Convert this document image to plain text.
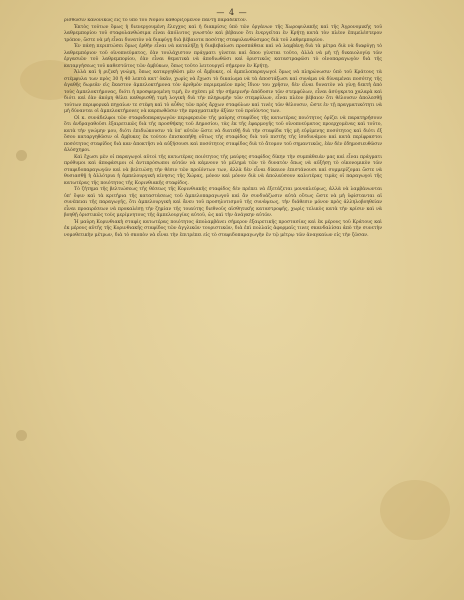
— 4 —

ρισθῶσιν κανονικῶς εἰς τὸ ὑπὸ τοῦ Νόμου καθοριζόμενον πάντῃ παραδεκτόν.

Ἐκτὸς τούτων ὅμως ἡ διενεργουμένη ἔλεγχος καὶ ἡ διακρίσις ὑπὸ τῶν ὀργάνων τῆς Χωροφυλακῆς καὶ τῆς Ἀγρονομικῆς τοῦ λαθρεμπορίου τοῦ σταφυλανθώσιμα εἶναι ἀπόλυτος γνωστὸν καὶ βέβαιον ὅτι ἐνεργεῖται ἐν Κρήτῃ κατὰ τὸν πλέον ἐπιμελέστερον τρόπον, ὥστε νὰ μὴ εἶναι δυνατὸν νὰ διαφύγῃ διὰ βέβαιοτα ποσότης σταφυλανθώσιμος διὰ τοῦ λαθρεμπορίου.

Ἐν πάσῃ περιπτώσει ὅμως ἐρθὴν εἶναι νὰ καταλήξῃ ἡ διαβεβαίωσι προσπάθεια καὶ νὰ λαμβάνῃ διὰ τὰ μέτρα διὰ νὰ διαφύγῃ τὸ λαθρεμπόριον τοῦ οἰνοπνεύματος, ἐὰν τουλάχιστον πράγματι γίνεται καὶ ὅπου γίνεται τοῦτο, ἀλλὰ νὰ μὴ τῇ δικαιολογίᾳ τῶν ἐργασιῶν τοῦ λαθρεμπορίου, ἐὰν εἶναι θεματικὰ νὰ ἀποδιωθῶσι καὶ ὁριστικῶς καταστραφῶσι τὸ οἰνοπαραγωγὸν διὰ τῆς καταργήσεως τοῦ καθεστῶτος τῶν ἀμβύκων, ὅπως τοῦτο λειτουργεῖ σήμερον ἐν Κρήτῃ.

Ἀλλὰ καὶ ἡ ριζικὴ γνώμη, ὅπως καταργηθῶσι μὲν οἱ ἄμβυκες, οἱ ἀμπελοπαραγωγοὶ ὅμως νὰ πληρώνωσιν ὑπὸ τοῦ Κράτους τὰ στέμφυλα των πρὸς 30 ἢ 40 λεπτὰ κατ' ὀκᾶν, χωρὶς νὰ ἔχωσι τὸ δικαίωμα νὰ τὰ ἀποστάξωσι καὶ συνάμα νὰ δύναμέναι ποσότης τῆς ἀγαθῆς δωρεᾶν εἰς ἕκαστον ἀμπελοκτήμονα τὸν ἀριθμὸν περιμεμαῖον πρὸς ἴδιον του χρῆσιν, δὲν εἶναι δυνατὸν νὰ γίνῃ δεκτὴ ἀπὸ τοὺς ἀμπελοκτήμονας, διότι ἡ προσφερομένη τιμὴ, ἐν σχέσει μὲ τὴν σήμερινὴν ἀπόδοσιν τῶν στεμφύλων, εἶναι ἀσύγκριτα χαλαρὰ καὶ διότι καὶ ἐὰν ἀκόμη θέλει καθορισθῇ τιμὴ λογικὴ διὰ τὴν πληρωμὴν τῶν στεμφύλων, εἶναι πλέον βέβαιον ὅτι θέλουσιν ἀπολεσθῇ τούτων περιφορικὰ πηγαίων τε στέφη καὶ τὸ αὖθις τῶν πρὸς ἄρχων σταφύλων καὶ τινὲς τῶν θέλουσιν, ὥστε ἐν τῇ πραγματικότητι νὰ μὴ δύνανται οἱ ἀμπελοκτήμονες νὰ καρπωθῶσιν τὴν πραγματικὴν ἀξίαν τοῦ προϊόντος των.

Οἱ κ. συνάδελφοι τῶν σταφιδοπαραγωγῶν περιφερειῶν τῆς μαύρης σταφίδος τῆς κατωτέρας ποιότητος ὁρίζει νὰ παρατηρήσουν ὅτι ἀνδραγαθοῦσι ἐξαιρετικῶς διὰ τῆς προσθήκης τοῦ Δημοσίου, τὰς ἐκ τῆς ἐφαρμογῆς τοῦ οἰνοπνεύματος προερχομένας καὶ τοῦτο, κατὰ τὴν γνώμην μου, διότι ἐπιδιώκουσιν τὰ ὑπ' αὐτῶν ὥστε νὰ διατεθῇ διὰ τὴν σταφίδα τῆς μὴ εὐρίμενης ποσότητος καὶ διότι ἐξ ὅσου καταργηθῶσιν οἱ ἄμβυκες ἐκ τούτου ἐπισκοπήθῃ οὕτως τῆς σταφίδος διὰ τοῦ πιστὴς τῆς ἰσοδυνάμου καὶ κατὰ περίφραστοι ποσότητος σταφίδος διὰ καν ἀποκτῆσι νὰ αὐξήσουσι καὶ ποσότητος σταφίδος διὰ τὸ ἄτομον τοῦ σημαντικῶς, ἐὰν δὲν ἐδημοσιευθῶσιν ἀλόσχημοι.

Καὶ ἔχωσι μὲν οἱ παραγωγοὶ αὐτοὶ τῆς κατωτέρας ποιότητος τῆς μαύρης σταφίδος δίκην τὴν συμπάθειάν μας καὶ εἶναι πράγματι πρόθυμοι καὶ ἀποφάσιμοι οἱ ἀντιπρόσωποι αὐτῶν νὰ κάμνουν τὸ μέλημά τῶν τὸ δυνατὸν ὅπως νὰ αὐξήσῃ τὸ οἰκονομικὸν τῶν σταφιδοπαραγωγῶν καὶ νὰ βελτιώσῃ τὴν θέσιν τῶν προϊόντων των, ἀλλὰ δὲν εἶναι δίκαιον ἐπιστάνουσι καὶ συμμερίζομαι ὥστε νὰ θυσιασθῇ ἡ ἀλλότρια ἡ ἀμπελουργικὴ κίνησις τῆς Χώρας, μόνον καὶ μόνον διὰ νὰ ἀπολαύσουν καλυτέρας τιμὰς οἱ παραγωγοὶ τῆς κατωτέρας τῆς ποιότητος τῆς Κορινθιακῆς σταφίδος.

Τὸ ζήτημα τῆς βελτιώσεως τῆς θέσεως τῆς Κορινθιακῆς σταφίδος δὲν πρέπει νὰ ἐξετάζεται μονοπλεύρως, ἀλλὰ νὰ λαμβάνωνται ὑπ' ὄψιν καὶ τὰ κριτήρια τῆς καταστάσεως τοῦ ἀμπελοπαραγωγοῦ καὶ ἂν συνδυάζωσιν αὐτὰ οὕτως ὥστε νὰ μὴ ὑφίστανται αἱ συνέπειαι τῆς παραγωγῆς, ὅτι ἀμπελουργικὴ καὶ ἄνευ τοῦ προσηλυτισμοῦ τῆς συνάψεως, τὴν διάθεσιν μόνον πρὸς ἀλληλοβοηθείαν εἶναι προαιρέσεων νὰ προκαλέσῃ τὴν ζημίαν τῆς τοιαύτης διεθνοῦς αἰσθητικῆς καταστροφῆς, χωρὶς τελικὸς κατὰ τὴν κρίσιν καὶ νὰ βοηθῇ ὁριστικῶς τοὺς μερίμνητους τῆς ἀμπελουργίας αὐτοῦ, ὡς καὶ τὴν ἀνάγκην αὐτῶν.

Ἡ μαύρη Κορινθιακὴ σταφὶς κατωτέρας ποιότητος ἀπολαμβάνει σήμερον ἐξαιρετικῆς προστασίας καὶ ἐκ μέρους τοῦ Κράτους καὶ ἐκ μέρους αὐτῆς τῆς Κορινθιακῆς σταφίδος τῶν ἀγγλικῶν τουριστικῶν, διὰ ἐπὶ πολλαῖς ἀφορμαῖς τινες σκανδαλίσαι ἀπὸ τὴν συνετὴν νομοθετικὴν μέτρων, διὰ τὸ σκοπὸν νὰ εἶναι τὴν ἐπιτρέπει εἰς τὸ σταφιδοπαραγωγὴν ἐν τῷ μέτρῳ τῶν ἀναγκαίων εἰς τὴν ζῶσαν.
